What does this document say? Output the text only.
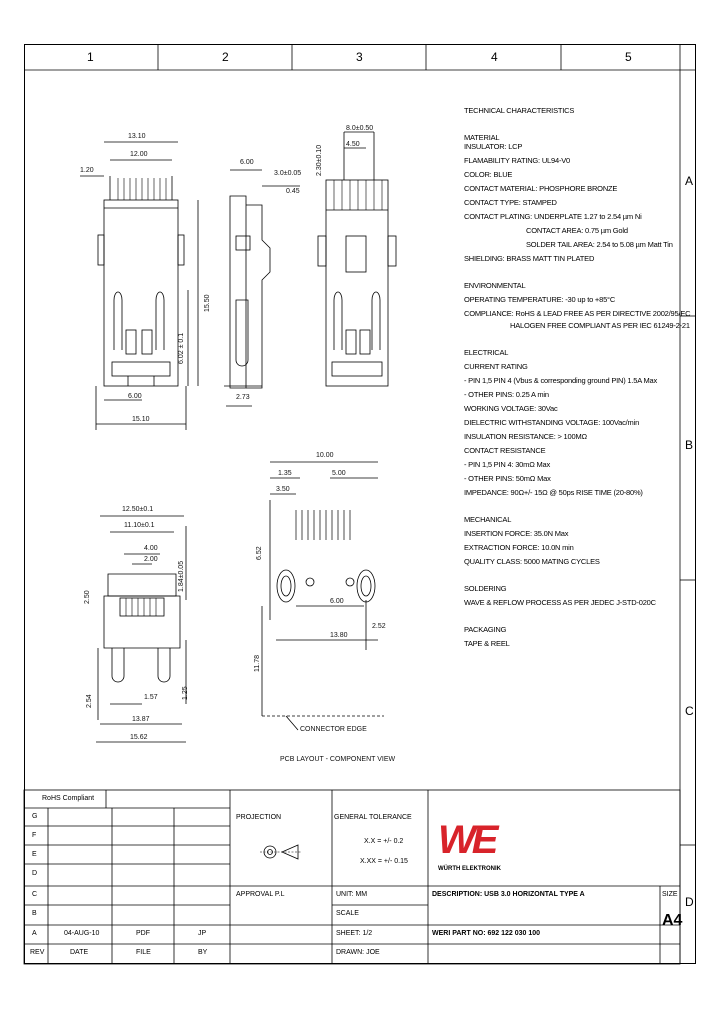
1	2	3	4	5
A
B
C
D
13.10
12.00
1.20
6.00
15.10
15.50
6.02 ± 0.1
6.00
3.0±0.05
0.45
2.73
8.0±0.50
4.50
2.30±0.10
12.50±0.1
11.10±0.1
4.00
2.00
2.50
1.84±0.05
1.25
2.54	1.57
13.87
15.62
10.00
1.35	5.00
3.50
6.52
11.78
6.00
2.52
13.80
CONNECTOR EDGE
PCB LAYOUT - COMPONENT VIEW
TECHNICAL CHARACTERISTICS
MATERIAL
INSULATOR: LCP
FLAMABILITY RATING: UL94-V0
COLOR: BLUE
CONTACT MATERIAL: PHOSPHORE BRONZE
CONTACT TYPE: STAMPED
CONTACT PLATING: UNDERPLATE 1.27 to 2.54 µm Ni
CONTACT AREA: 0.75 µm Gold
SOLDER TAIL AREA: 2.54 to 5.08 µm Matt Tin
SHIELDING: BRASS MATT TIN PLATED
ENVIRONMENTAL
OPERATING TEMPERATURE: -30 up to +85°C
COMPLIANCE: RoHS & LEAD FREE AS PER DIRECTIVE 2002/95/EC
HALOGEN FREE COMPLIANT AS PER IEC 61249-2-21
ELECTRICAL
CURRENT RATING
- PIN 1,5 PIN 4 (Vbus & corresponding ground PIN) 1.5A Max
- OTHER PINS: 0.25 A min
WORKING VOLTAGE: 30Vac
DIELECTRIC WITHSTANDING VOLTAGE: 100Vac/min
INSULATION RESISTANCE: > 100MΩ
CONTACT RESISTANCE
- PIN 1,5 PIN 4: 30mΩ Max
- OTHER PINS: 50mΩ Max
IMPEDANCE: 90Ω+/- 15Ω @ 50ps RISE TIME (20-80%)
MECHANICAL
INSERTION FORCE: 35.0N Max
EXTRACTION FORCE: 10.0N min
QUALITY CLASS: 5000 MATING CYCLES
SOLDERING
WAVE & REFLOW PROCESS AS PER JEDEC J-STD-020C
PACKAGING
TAPE & REEL
RoHS Compliant
G
F
E
D
C
B
A
REV
04-AUG-10	PDF	JP
DATE	FILE	BY
PROJECTION	GENERAL TOLERANCE
X.X = +/- 0.2
X.XX = +/- 0.15
APPROVAL P.L	UNIT: MM
SCALE
SHEET: 1/2
DRAWN: JOE
DESCRIPTION: USB 3.0 HORIZONTAL TYPE A
WERI PART NO: 692 122 030 100
SIZE
A4
WE
WÜRTH ELEKTRONIK
